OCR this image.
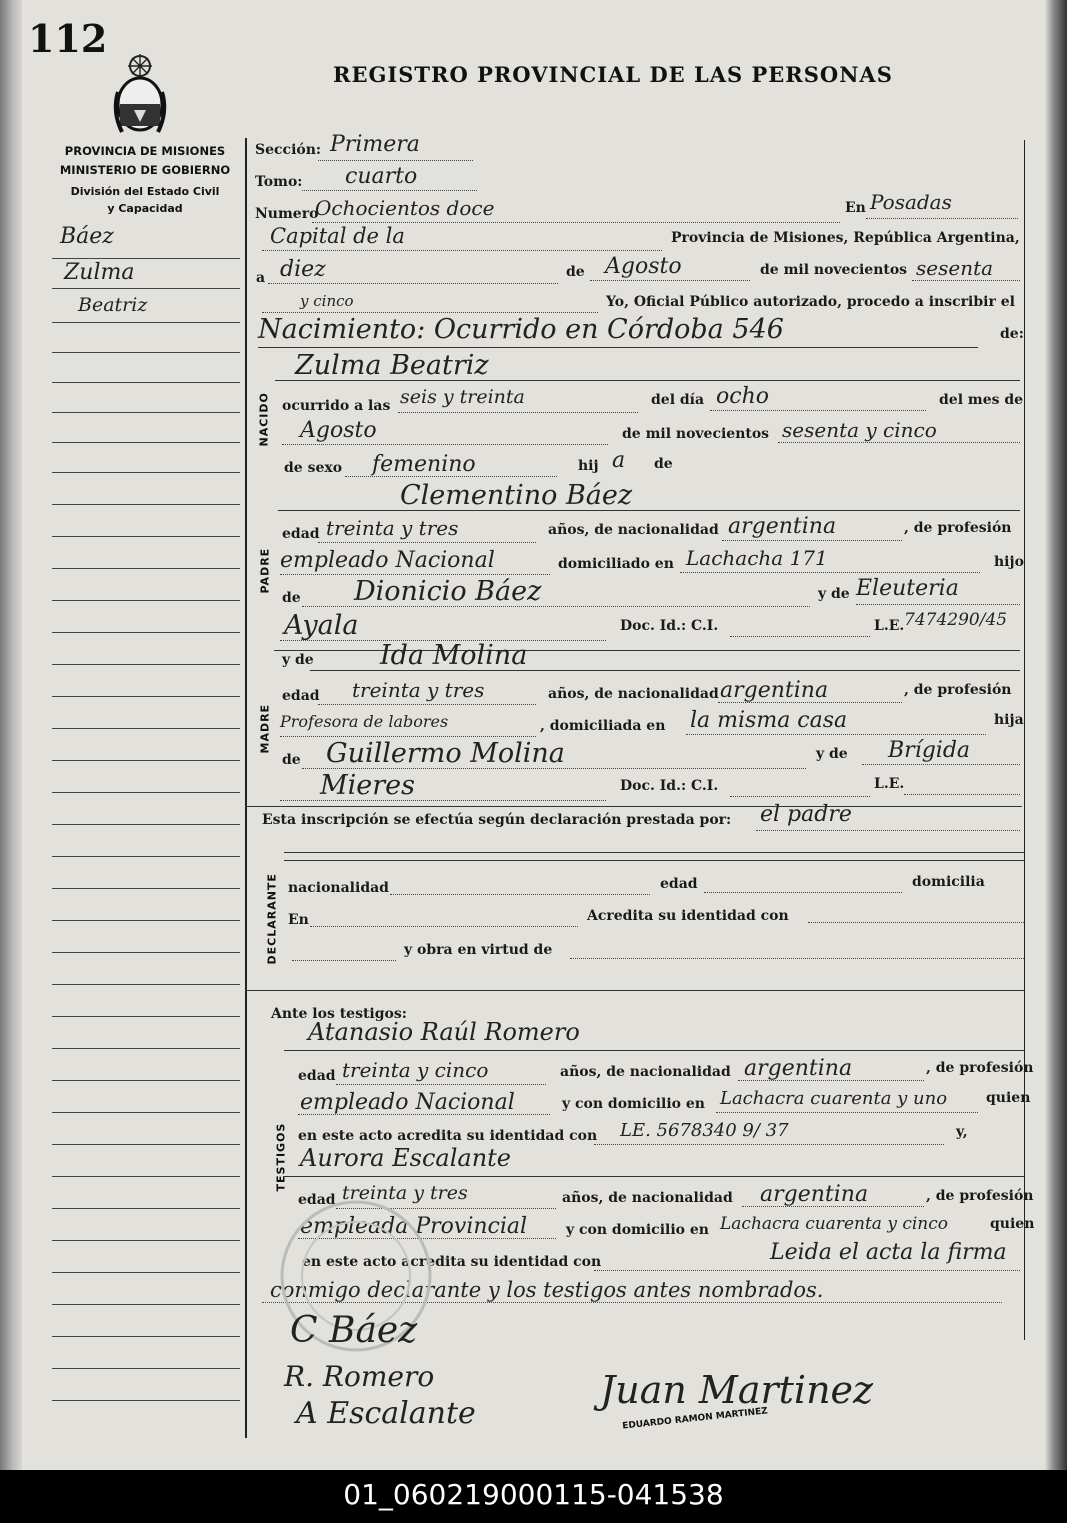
112
REGISTRO PROVINCIAL DE LAS PERSONAS
PROVINCIA DE MISIONES
MINISTERIO DE GOBIERNO
División del Estado Civil
y Capacidad
Báez
Zulma
Beatriz
Sección: Primera
Tomo: cuarto
Numero
Ochocientos doce	En Posadas
Capital de la	Provincia de Misiones, República Argentina,
a diez	de Agosto	de mil novecientos sesenta
y cinco	Yo, Oficial Público autorizado, procedo a inscribir el
Nacimiento: Ocurrido en Córdoba 546	de:
Zulma Beatriz
NACIDO ocurrido a las seis y treinta	del día ocho	del mes de
Agosto	de mil novecientos sesenta y cinco
de sexo femenino	hij a de
Clementino Báez
PADRE
edad treinta y tres	años, de nacionalidad argentina	, de profesión
empleado Nacional	domiciliado en Lachacha 171	hijo
de Dionicio Báez	y de Eleuteria
Ayala	Doc. Id.: C.I.	L.E. 7474290/45
y de Ida Molina
MADRE
edad treinta y tres	años, de nacionalidad argentina	, de profesión
Profesora de labores	, domiciliada en la misma casa	hija
de Guillermo Molina	y de Brígida
Mieres	Doc. Id.: C.I.	L.E.
Esta inscripción se efectúa según declaración prestada por: el padre
DECLARANTE nacionalidad	edad	domicilia
En	Acredita su identidad con
y obra en virtud de
Ante los testigos:
Atanasio Raúl Romero
TESTIGOS
edad treinta y cinco	años, de nacionalidad argentina	, de profesión
empleado Nacional	y con domicilio en Lachacra cuarenta y uno	quien
en este acto acredita su identidad con LE. 5678340 9/ 37	y,
Aurora Escalante
edad treinta y tres	años, de nacionalidad argentina	, de profesión
empleada Provincial	y con domicilio en Lachacra cuarenta y cinco	quien
en este acto acredita su identidad con	Leida el acta la firma
conmigo declarante y los testigos antes nombrados.
C Báez
R. Romero
A Escalante
Juan Martinez
EDUARDO RAMON MARTINEZ
01_060219000115-041538
